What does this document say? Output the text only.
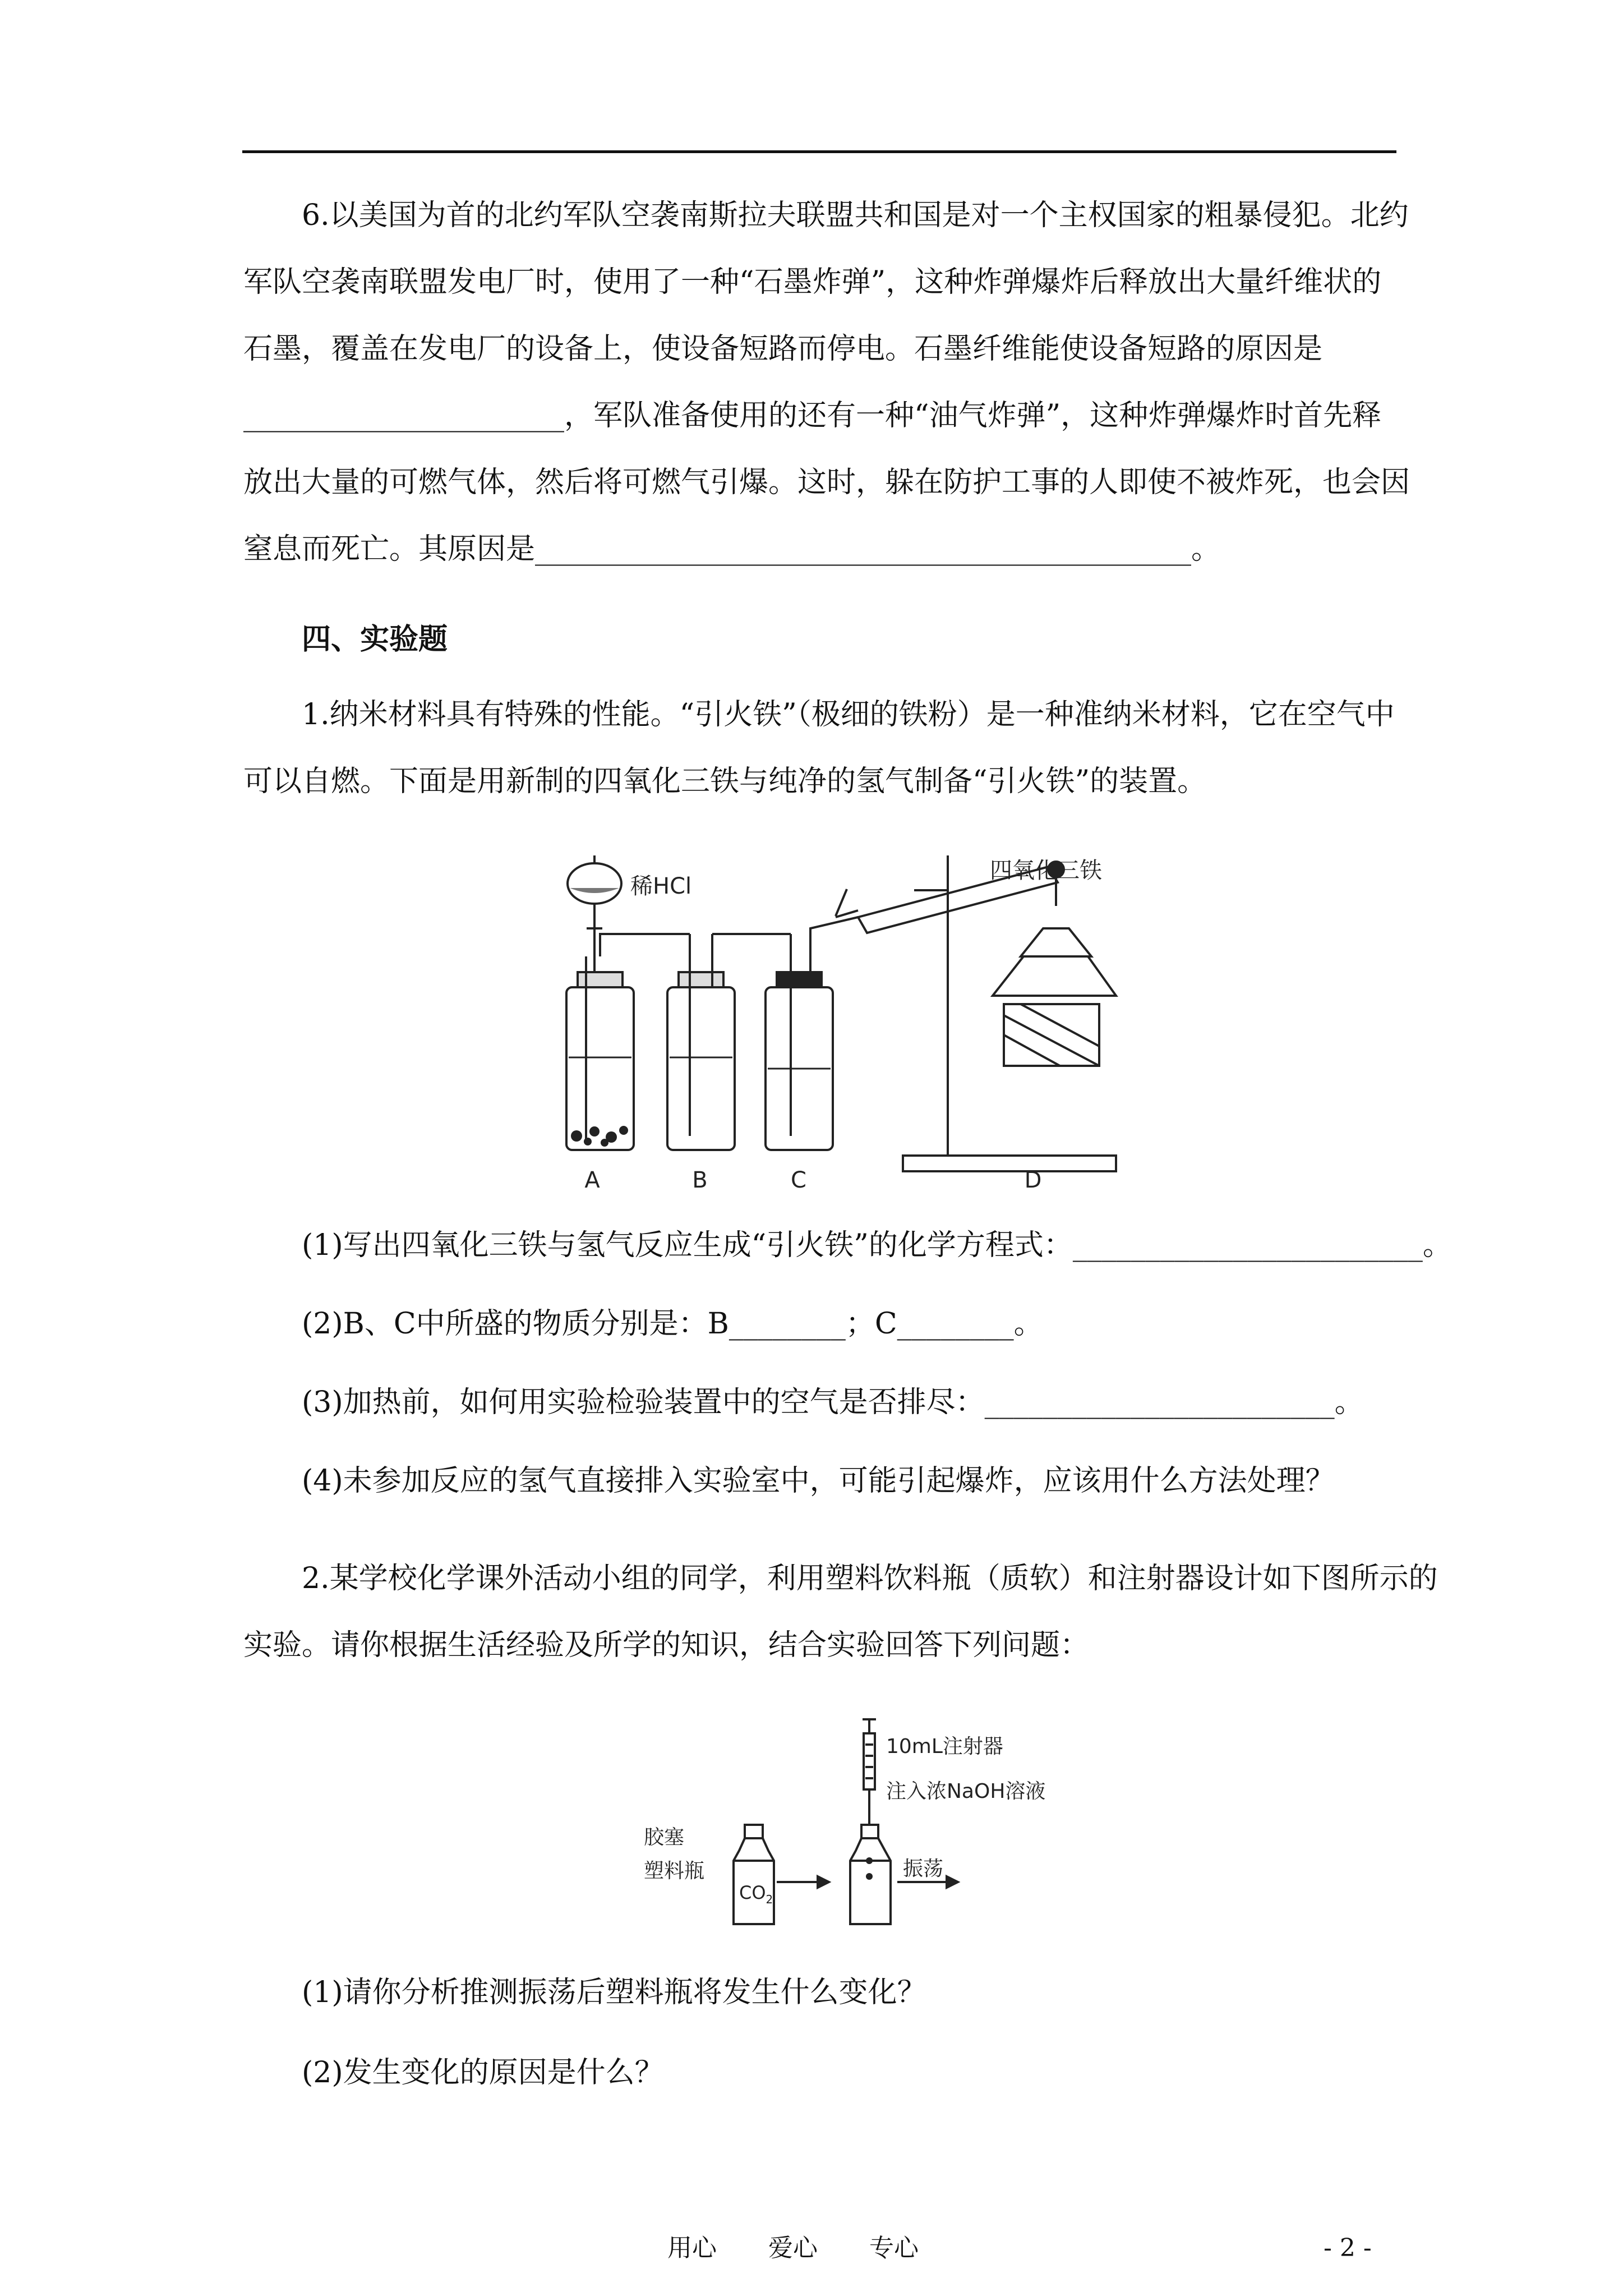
6.以美国为首的北约军队空袭南斯拉夫联盟共和国是对一个主权国家的粗暴侵犯。北约

军队空袭南联盟发电厂时，使用了一种“石墨炸弹”，这种炸弹爆炸后释放出大量纤维状的

石墨，覆盖在发电厂的设备上，使设备短路而停电。石墨纤维能使设备短路的原因是

______________________，军队准备使用的还有一种“油气炸弹”，这种炸弹爆炸时首先释

放出大量的可燃气体，然后将可燃气引爆。这时，躲在防护工事的人即使不被炸死，也会因

窒息而死亡。其原因是_____________________________________________。

四、实验题

1.纳米材料具有特殊的性能。“引火铁”（极细的铁粉）是一种准纳米材料，它在空气中

可以自燃。下面是用新制的四氧化三铁与纯净的氢气制备“引火铁”的装置。

稀HCl
四氧化三铁
A	B	C	D
(1)写出四氧化三铁与氢气反应生成“引火铁”的化学方程式：________________________。
(2)B、C中所盛的物质分别是：B________；C________。
(3)加热前，如何用实验检验装置中的空气是否排尽：________________________。
(4)未参加反应的氢气直接排入实验室中，可能引起爆炸，应该用什么方法处理？

2.某学校化学课外活动小组的同学，利用塑料饮料瓶（质软）和注射器设计如下图所示的

实验。请你根据生活经验及所学的知识，结合实验回答下列问题：

胶塞
塑料瓶
$CO_2$
10mL注射器
注入浓NaOH溶液
振荡
(1)请你分析推测振荡后塑料瓶将发生什么变化？
(2)发生变化的原因是什么？
用心 爱心 专心	- 2 -
